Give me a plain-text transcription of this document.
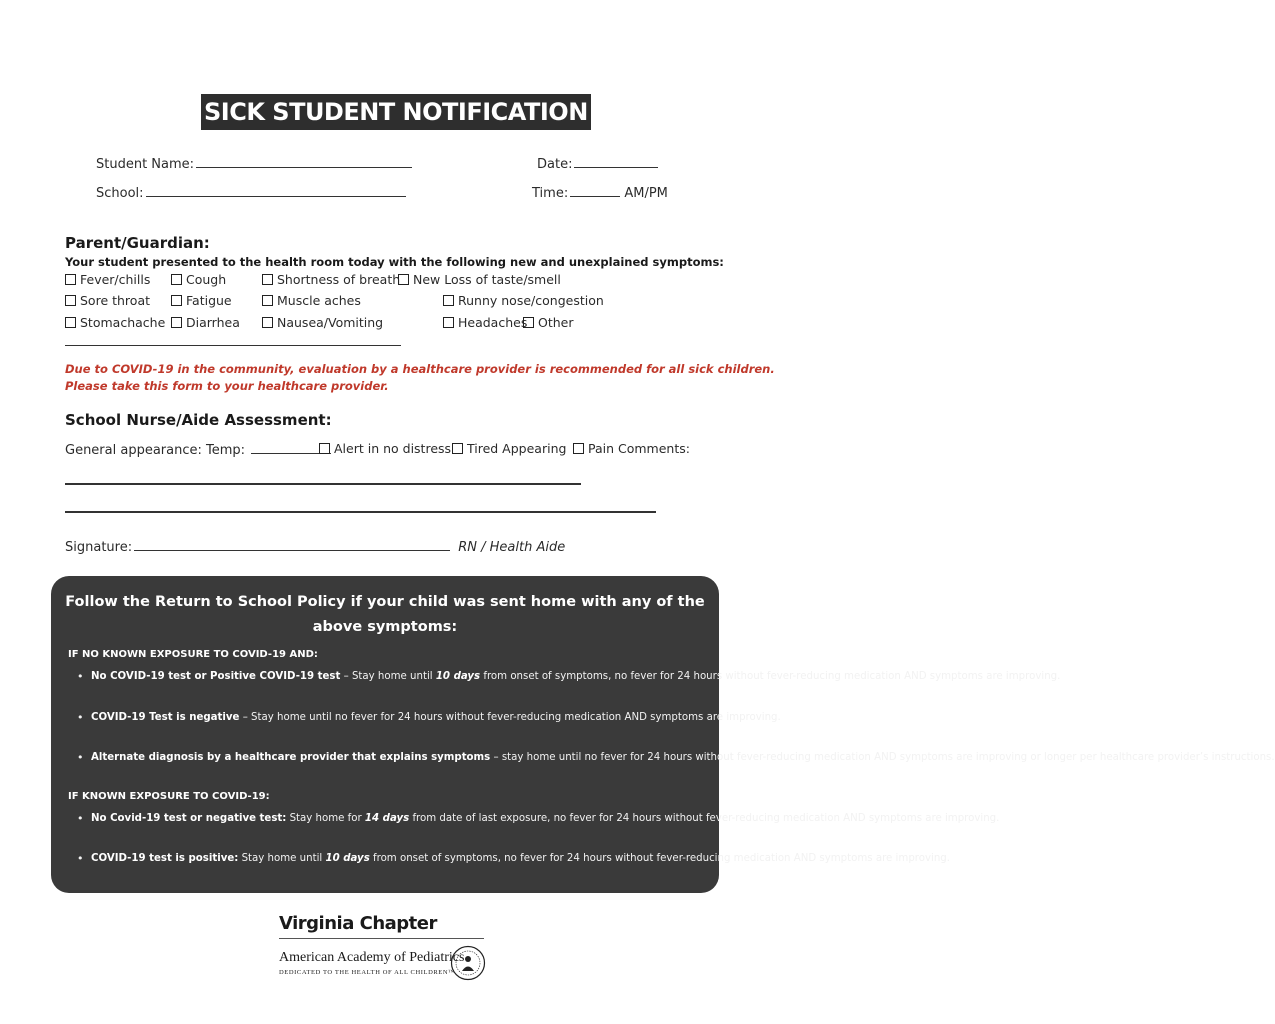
SICK STUDENT NOTIFICATION
Student Name:	Date:
School:	Time:	AM/PM
Parent/Guardian:
Your student presented to the health room today with the following new and unexplained symptoms:
Fever/chills	Cough	Shortness of breath	New Loss of taste/smell
Sore throat	Fatigue	Muscle aches	Runny nose/congestion
Stomachache	Diarrhea	Nausea/Vomiting	Headaches Other
Due to COVID-19 in the community, evaluation by a healthcare provider is recommended for all sick children.
Please take this form to your healthcare provider.
School Nurse/Aide Assessment:
General appearance: Temp:	Alert in no distress	Tired Appearing	Pain Comments:
Signature:	RN / Health Aide
Follow the Return to School Policy if your child was sent home with any of the above symptoms:
IF NO KNOWN EXPOSURE TO COVID-19 AND:
• No COVID-19 test or Positive COVID-19 test – Stay home until 10 days from onset of symptoms, no fever for 24 hours without fever-reducing medication AND symptoms are improving.
• COVID-19 Test is negative – Stay home until no fever for 24 hours without fever-reducing medication AND symptoms are improving.
• Alternate diagnosis by a healthcare provider that explains symptoms – stay home until no fever for 24 hours without fever-reducing medication AND symptoms are improving or longer per healthcare provider’s instructions.
IF KNOWN EXPOSURE TO COVID-19:
• No Covid-19 test or negative test: Stay home for 14 days from date of last exposure, no fever for 24 hours without fever-reducing medication AND symptoms are improving.
• COVID-19 test is positive: Stay home until 10 days from onset of symptoms, no fever for 24 hours without fever-reducing medication AND symptoms are improving.
Virginia Chapter
American Academy of Pediatrics
DEDICATED TO THE HEALTH OF ALL CHILDREN™
